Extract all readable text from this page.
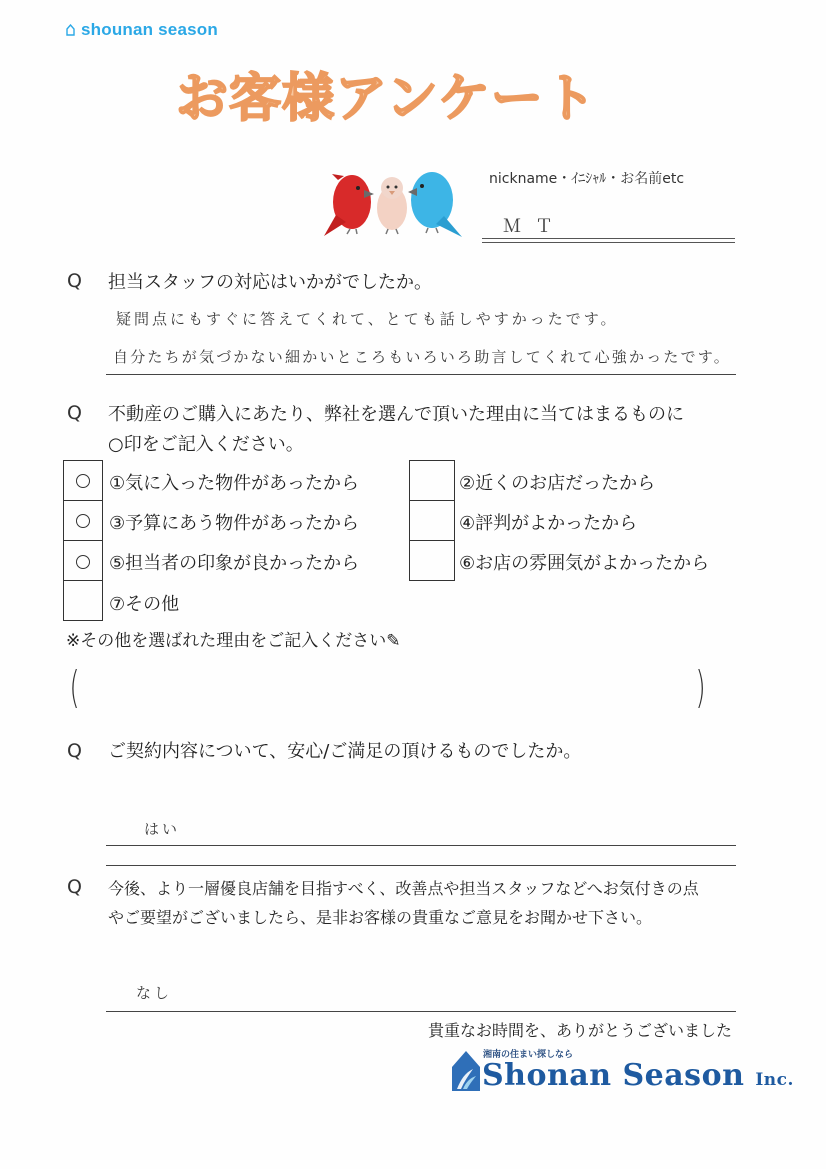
shounan season
お客様アンケート
nickname・ｲﾆｼｬﾙ・お名前etc
ＭＴ
Q 担当スタッフの対応はいかがでしたか。
疑問点にもすぐに答えてくれて、とても話しやすかったです。
自分たちが気づかない細かいところもいろいろ助言してくれて心強かったです。
Q 不動産のご購入にあたり、弊社を選んで頂いた理由に当てはまるものに
○印をご記入ください。
①気に入った物件があったから
③予算にあう物件があったから
⑤担当者の印象が良かったから
⑦その他
②近くのお店だったから
④評判がよかったから
⑥お店の雰囲気がよかったから
※その他を選ばれた理由をご記入ください✎
(	)
Q ご契約内容について、安心/ご満足の頂けるものでしたか。
はい
Q 今後、より一層優良店舗を目指すべく、改善点や担当スタッフなどへお気付きの点
やご要望がございましたら、是非お客様の貴重なご意見をお聞かせ下さい。
なし
貴重なお時間を、ありがとうございました
湘南の住まい探しなら
Shonan Season Inc.
